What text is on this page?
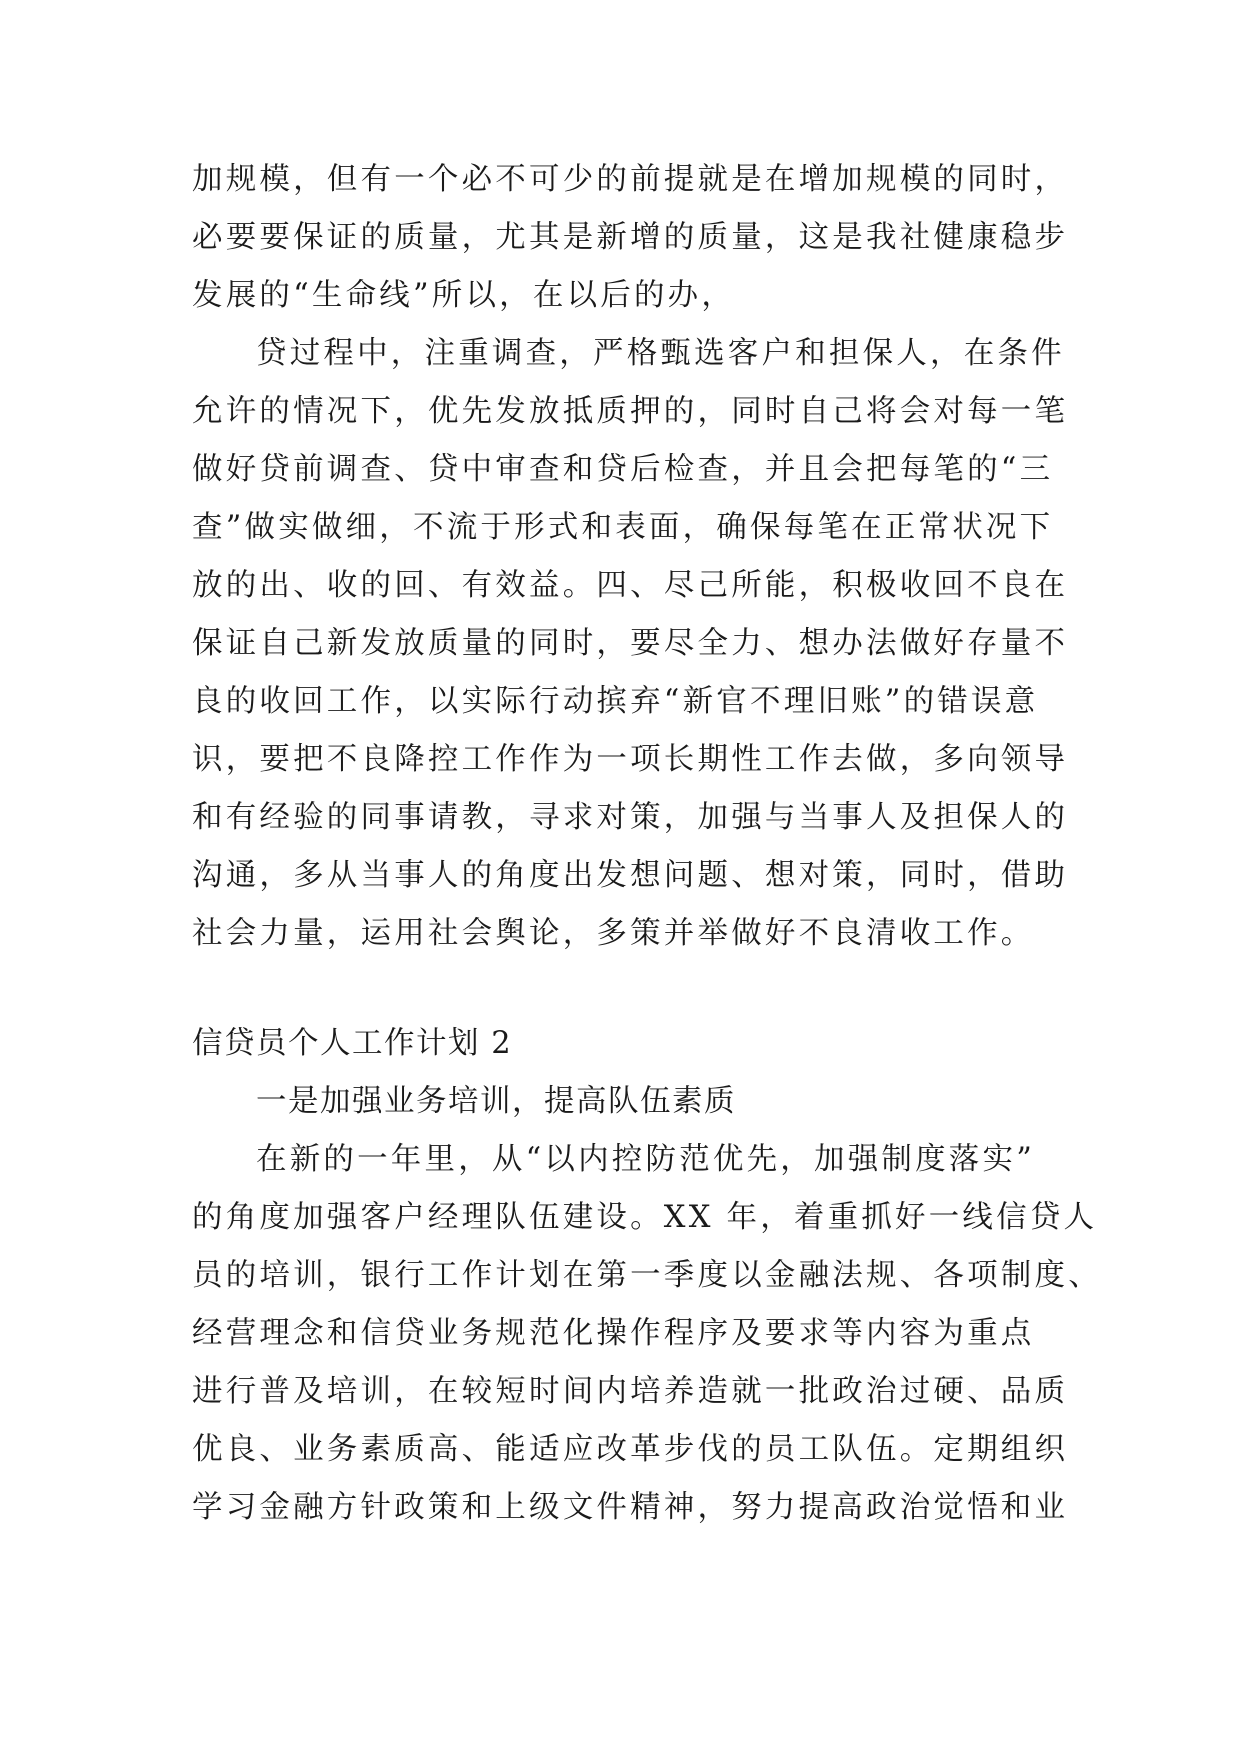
加规模，但有一个必不可少的前提就是在增加规模的同时，
必要要保证的质量，尤其是新增的质量，这是我社健康稳步
发展的“生命线”所以，在以后的办，
贷过程中，注重调查，严格甄选客户和担保人，在条件
允许的情况下，优先发放抵质押的，同时自己将会对每一笔
做好贷前调查、贷中审查和贷后检查，并且会把每笔的“三
查”做实做细，不流于形式和表面，确保每笔在正常状况下
放的出、收的回、有效益。四、尽己所能，积极收回不良在
保证自己新发放质量的同时，要尽全力、想办法做好存量不
良的收回工作，以实际行动摈弃“新官不理旧账”的错误意
识，要把不良降控工作作为一项长期性工作去做，多向领导
和有经验的同事请教，寻求对策，加强与当事人及担保人的
沟通，多从当事人的角度出发想问题、想对策，同时，借助
社会力量，运用社会舆论，多策并举做好不良清收工作。
信贷员个人工作计划 2
一是加强业务培训，提高队伍素质
在新的一年里，从“以内控防范优先，加强制度落实”
的角度加强客户经理队伍建设。XX 年，着重抓好一线信贷人
员的培训，银行工作计划在第一季度以金融法规、各项制度、
经营理念和信贷业务规范化操作程序及要求等内容为重点
进行普及培训，在较短时间内培养造就一批政治过硬、品质
优良、业务素质高、能适应改革步伐的员工队伍。定期组织
学习金融方针政策和上级文件精神，努力提高政治觉悟和业
